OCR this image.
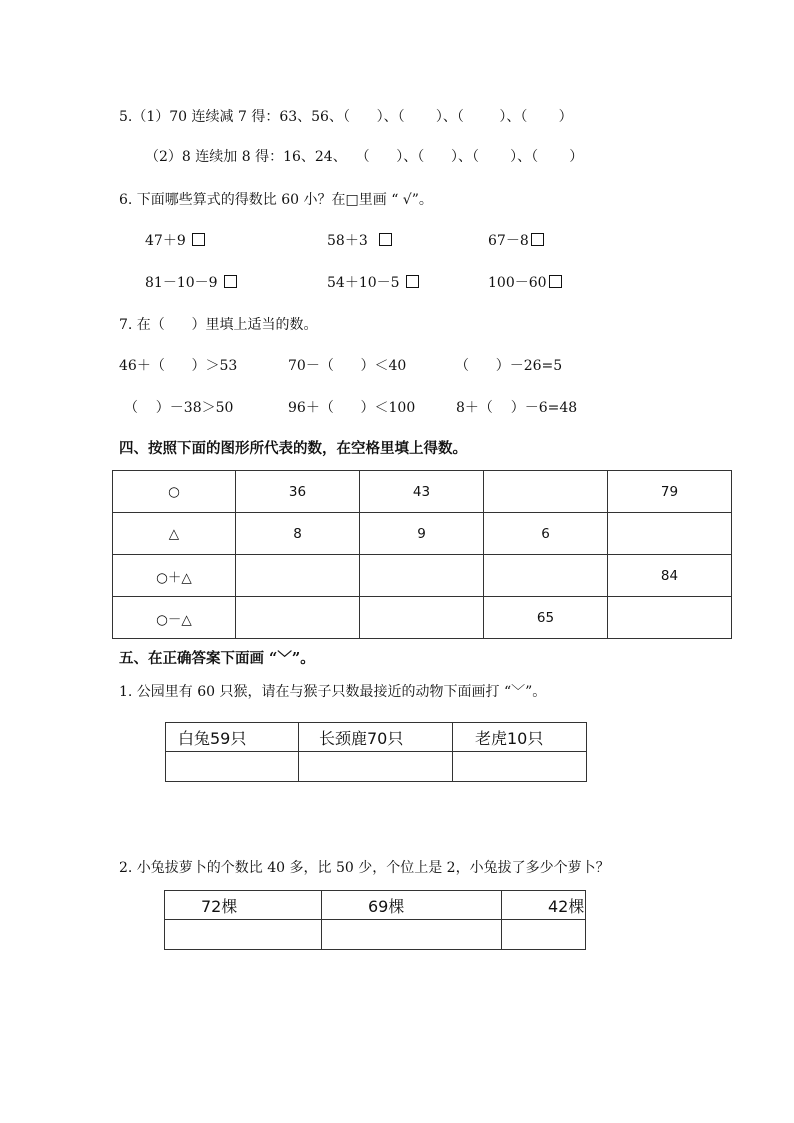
5.（1）70 连续减 7 得：63、56、（      ）、（       ）、（        ）、（       ）
（2）8 连续加 8 得：16、24、  （      ）、（      ）、（       ）、（       ）
6. 下面哪些算式的得数比 60 小？在□里画 “ √”。
47＋9	58＋3	67－8
81－10－9	54＋10－5	100－60
7. 在（      ）里填上适当的数。
46＋（      ）＞53	70－（      ）＜40	（      ）－26=5
（    ）－38＞50	96＋（      ）＜100	8＋（    ）－6=48
四、按照下面的图形所代表的数，在空格里填上得数。
○	36	43		79
△	8	9	6	
○＋△				84
○－△			65	
五、在正确答案下面画 “﹀”。
1. 公园里有 60 只猴，请在与猴子只数最接近的动物下面画打 “﹀”。
白兔59只	长颈鹿70只	老虎10只

2. 小兔拔萝卜的个数比 40 多，比 50 少，个位上是 2，小兔拔了多少个萝卜？
72棵	69棵	42棵
